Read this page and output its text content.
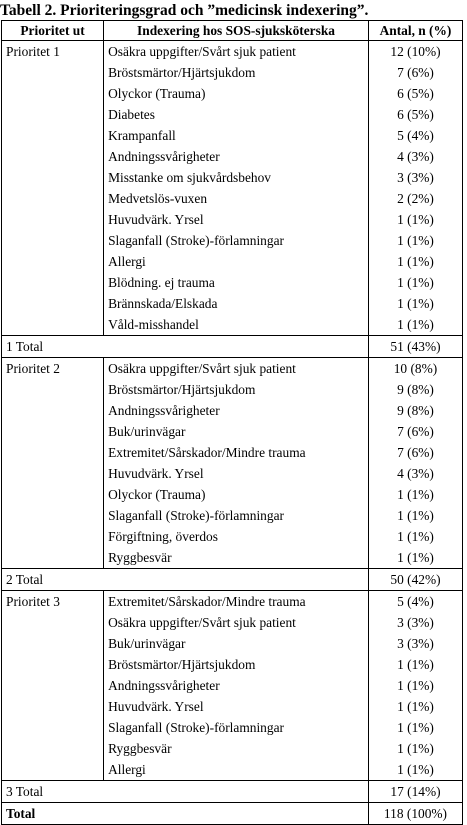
Tabell 2. Prioriteringsgrad och ”medicinsk indexering”.
Prioritet ut	Indexering hos SOS-sjuksköterska	Antal, n (%)
Prioritet 1	Osäkra uppgifter/Svårt sjuk patient	12 (10%)
	Bröstsmärtor/Hjärtsjukdom	7 (6%)
	Olyckor (Trauma)	6 (5%)
	Diabetes	6 (5%)
	Krampanfall	5 (4%)
	Andningssvårigheter	4 (3%)
	Misstanke om sjukvårdsbehov	3 (3%)
	Medvetslös-vuxen	2 (2%)
	Huvudvärk. Yrsel	1 (1%)
	Slaganfall (Stroke)-förlamningar	1 (1%)
	Allergi	1 (1%)
	Blödning. ej trauma	1 (1%)
	Brännskada/Elskada	1 (1%)
	Våld-misshandel	1 (1%)
1 Total		51 (43%)
Prioritet 2	Osäkra uppgifter/Svårt sjuk patient	10 (8%)
	Bröstsmärtor/Hjärtsjukdom	9 (8%)
	Andningssvårigheter	9 (8%)
	Buk/urinvägar	7 (6%)
	Extremitet/Sårskador/Mindre trauma	7 (6%)
	Huvudvärk. Yrsel	4 (3%)
	Olyckor (Trauma)	1 (1%)
	Slaganfall (Stroke)-förlamningar	1 (1%)
	Förgiftning, överdos	1 (1%)
	Ryggbesvär	1 (1%)
2 Total		50 (42%)
Prioritet 3	Extremitet/Sårskador/Mindre trauma	5 (4%)
	Osäkra uppgifter/Svårt sjuk patient	3 (3%)
	Buk/urinvägar	3 (3%)
	Bröstsmärtor/Hjärtsjukdom	1 (1%)
	Andningssvårigheter	1 (1%)
	Huvudvärk. Yrsel	1 (1%)
	Slaganfall (Stroke)-förlamningar	1 (1%)
	Ryggbesvär	1 (1%)
	Allergi	1 (1%)
3 Total		17 (14%)
Total		118 (100%)
